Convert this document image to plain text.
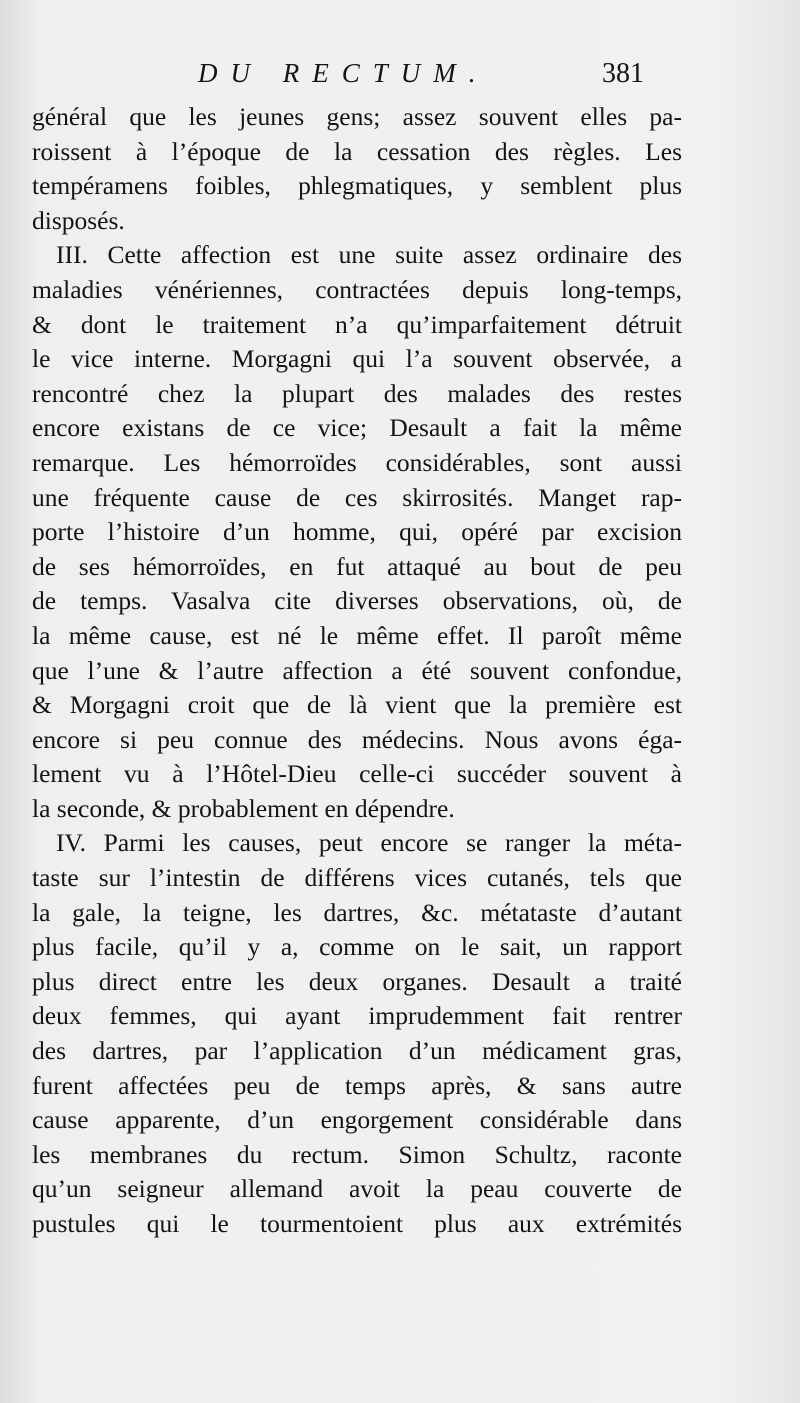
DU RECTUM.	381
général que les jeunes gens; assez souvent elles pa-
roissent à l’époque de la cessation des règles. Les
tempéramens foibles, phlegmatiques, y semblent plus
disposés.
III. Cette affection est une suite assez ordinaire des
maladies vénériennes, contractées depuis long-temps,
& dont le traitement n’a qu’imparfaitement détruit
le vice interne. Morgagni qui l’a souvent observée, a
rencontré chez la plupart des malades des restes
encore existans de ce vice; Desault a fait la même
remarque. Les hémorroïdes considérables, sont aussi
une fréquente cause de ces skirrosités. Manget rap-
porte l’histoire d’un homme, qui, opéré par excision
de ses hémorroïdes, en fut attaqué au bout de peu
de temps. Vasalva cite diverses observations, où, de
la même cause, est né le même effet. Il paroît même
que l’une & l’autre affection a été souvent confondue,
& Morgagni croit que de là vient que la première est
encore si peu connue des médecins. Nous avons éga-
lement vu à l’Hôtel-Dieu celle-ci succéder souvent à
la seconde, & probablement en dépendre.
IV. Parmi les causes, peut encore se ranger la méta-
taste sur l’intestin de différens vices cutanés, tels que
la gale, la teigne, les dartres, &c. métataste d’autant
plus facile, qu’il y a, comme on le sait, un rapport
plus direct entre les deux organes. Desault a traité
deux femmes, qui ayant imprudemment fait rentrer
des dartres, par l’application d’un médicament gras,
furent affectées peu de temps après, & sans autre
cause apparente, d’un engorgement considérable dans
les membranes du rectum. Simon Schultz, raconte
qu’un seigneur allemand avoit la peau couverte de
pustules qui le tourmentoient plus aux extrémités
